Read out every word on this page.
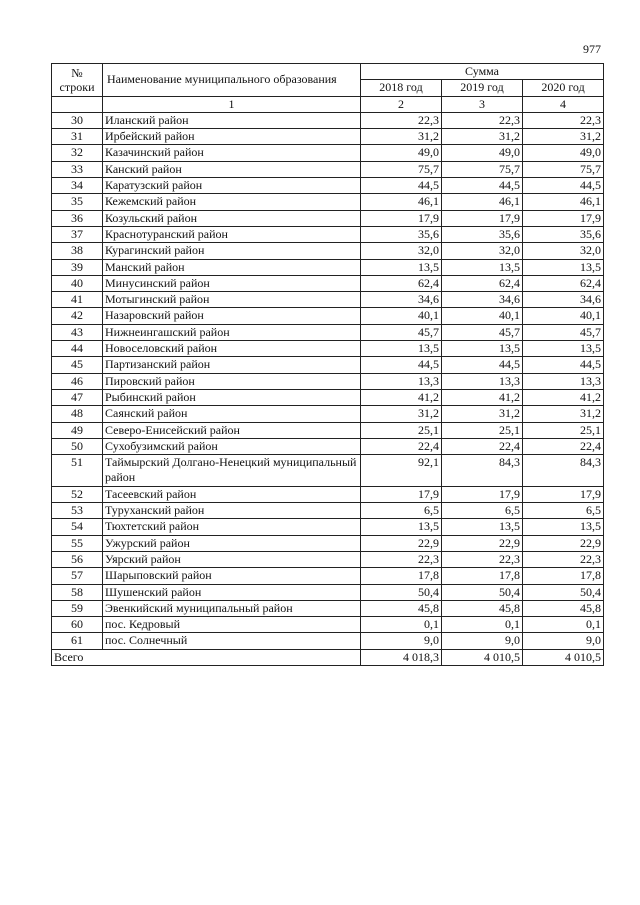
977
№
строки	Наименование муниципального образования	Сумма		
		2018 год	2019 год	2020 год
	1	2	3	4
30	Иланский район	22,3	22,3	22,3
31	Ирбейский район	31,2	31,2	31,2
32	Казачинский район	49,0	49,0	49,0
33	Канский район	75,7	75,7	75,7
34	Каратузский район	44,5	44,5	44,5
35	Кежемский район	46,1	46,1	46,1
36	Козульский район	17,9	17,9	17,9
37	Краснотуранский район	35,6	35,6	35,6
38	Курагинский район	32,0	32,0	32,0
39	Манский район	13,5	13,5	13,5
40	Минусинский район	62,4	62,4	62,4
41	Мотыгинский район	34,6	34,6	34,6
42	Назаровский район	40,1	40,1	40,1
43	Нижнеингашский район	45,7	45,7	45,7
44	Новоселовский район	13,5	13,5	13,5
45	Партизанский район	44,5	44,5	44,5
46	Пировский район	13,3	13,3	13,3
47	Рыбинский район	41,2	41,2	41,2
48	Саянский район	31,2	31,2	31,2
49	Северо-Енисейский район	25,1	25,1	25,1
50	Сухобузимский район	22,4	22,4	22,4
51	Таймырский Долгано-Ненецкий муниципальный район	92,1	84,3	84,3
52	Тасеевский район	17,9	17,9	17,9
53	Туруханский район	6,5	6,5	6,5
54	Тюхтетский район	13,5	13,5	13,5
55	Ужурский район	22,9	22,9	22,9
56	Уярский район	22,3	22,3	22,3
57	Шарыповский район	17,8	17,8	17,8
58	Шушенский район	50,4	50,4	50,4
59	Эвенкийский муниципальный район	45,8	45,8	45,8
60	пос. Кедровый	0,1	0,1	0,1
61	пос. Солнечный	9,0	9,0	9,0
Всего		4 018,3	4 010,5	4 010,5
